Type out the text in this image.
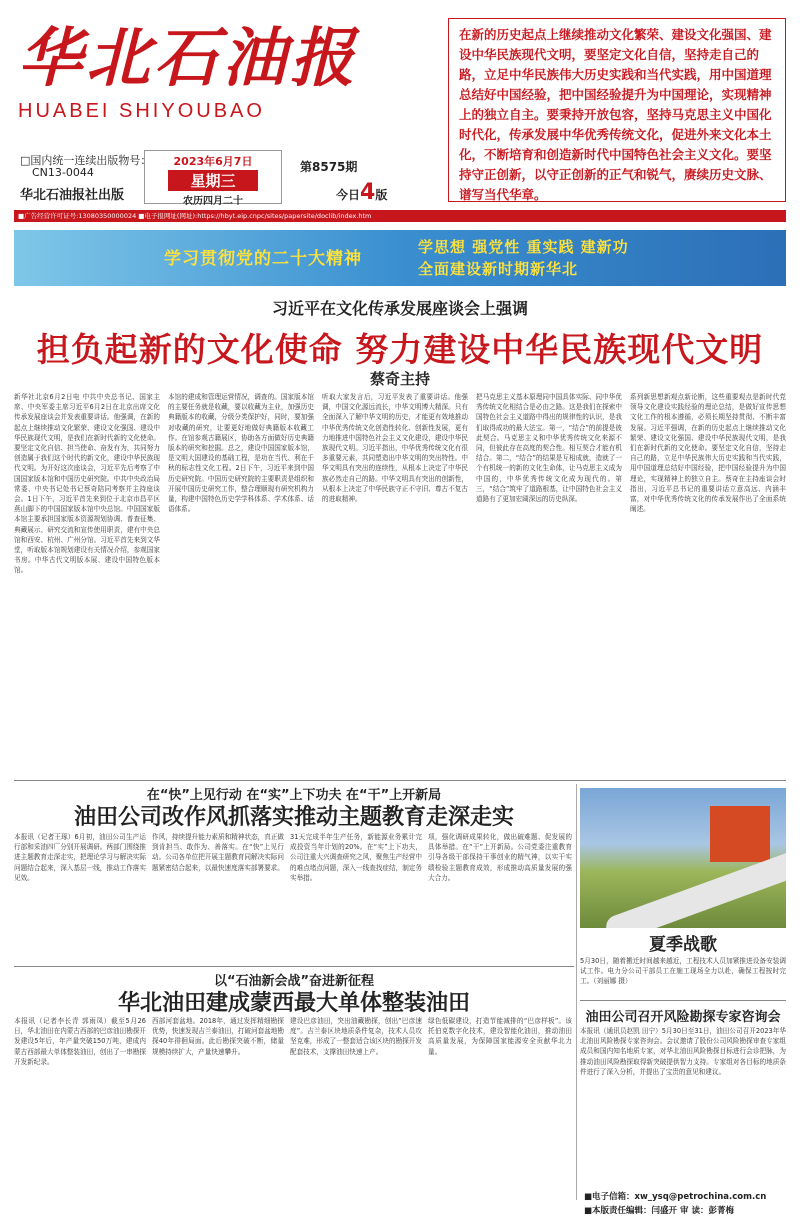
华北石油报
HUABEI SHIYOUBAO
□国内统一连续出版物号：
CN13-0044
华北石油报社出版
2023年6月7日
星期三
农历四月二十
第8575期
今日4版
在新的历史起点上继续推动文化繁荣、建设文化强国、建设中华民族现代文明，要坚定文化自信，坚持走自己的路，立足中华民族伟大历史实践和当代实践，用中国道理总结好中国经验，把中国经验提升为中国理论，实现精神上的独立自主。要秉持开放包容，坚持马克思主义中国化时代化，传承发展中华优秀传统文化，促进外来文化本土化，不断培育和创造新时代中国特色社会主义文化。要坚持守正创新，以守正创新的正气和锐气，赓续历史文脉、谱写当代华章。
■广告经营许可证号:13080350000024 ■电子报网址(网址):https://hbyt.eip.cnpc/sites/papersite/doclib/index.htm
学习贯彻党的二十大精神
学思想 强党性 重实践 建新功
全面建设新时期新华北
习近平在文化传承发展座谈会上强调
担负起新的文化使命 努力建设中华民族现代文明
蔡奇主持
新华社北京6月2日电 中共中央总书记、国家主席、中央军委主席习近平6月2日在北京出席文化传承发展座谈会并发表重要讲话。他强调，在新的起点上继续推动文化繁荣、建设文化强国、建设中华民族现代文明，是我们在新时代新的文化使命。要坚定文化自信、担当使命、奋发有为，共同努力创造属于我们这个时代的新文化，建设中华民族现代文明。为开好这次座谈会，习近平先后考察了中国国家版本馆和中国历史研究院。中共中央政治局常委、中央书记处书记蔡奇陪同考察并主持座谈会。1日下午，习近平首先来到位于北京市昌平区燕山脚下的中国国家版本馆中央总馆。中国国家版本馆主要承担国家版本资源规划协调、普查征集、典藏展示、研究交流和宣传使用职责，建有中央总馆和西安、杭州、广州分馆。习近平首先来到文华堂，听取版本馆规划建设有关情况介绍，参观国家书房。中华古代文明版本展、建设中国特色版本馆。
本馆的建成和管理运营情况，调查的。国家版本馆的主要任务就是收藏，要以收藏为主业，加强历史典籍版本的收藏，分级分类保护好，同时，要加强对收藏的研究，让要更好地做好典籍版本收藏工作。在馆参观古籍展区，协助各方面做好历史典籍版本的研究和挖掘。总之，建设中国国家版本馆，是文明大国建设的基础工程，是功在当代、利在千秋的标志性文化工程。2日下午，习近平来到中国历史研究院。中国历史研究院的主要职责是组织和开展中国历史研究工作，整合理顺现有研究机构力量，构建中国特色历史学学科体系、学术体系、话语体系。
听取大家发言后，习近平发表了重要讲话。他强调，中国文化源远流长，中华文明博大精深。只有全面深入了解中华文明的历史，才能更有效地推动中华优秀传统文化创造性转化、创新性发展，更有力地推进中国特色社会主义文化建设，建设中华民族现代文明。习近平指出，中华优秀传统文化有很多重要元素，共同塑造出中华文明的突出特性。中华文明具有突出的连续性，从根本上决定了中华民族必然走自己的路。中华文明具有突出的创新性，从根本上决定了中华民族守正不守旧、尊古不复古的进取精神。
把马克思主义基本原理同中国具体实际、同中华优秀传统文化相结合是必由之路。这是我们在探索中国特色社会主义道路中得出的规律性的认识，是我们取得成功的最大法宝。第一，“结合”的前提是彼此契合。马克思主义和中华优秀传统文化来源不同，但彼此存在高度的契合性。相互契合才能有机结合。第二，“结合”的结果是互相成就，造就了一个有机统一的新的文化生命体，让马克思主义成为中国的，中华优秀传统文化成为现代的。第三，“结合”筑牢了道路根基，让中国特色社会主义道路有了更加宏阔深远的历史纵深。
系列新思想新观点新论断，这些重要观点是新时代党领导文化建设实践经验的理论总结，是做好宣传思想文化工作的根本遵循，必须长期坚持贯彻、不断丰富发展。习近平强调，在新的历史起点上继续推动文化繁荣、建设文化强国、建设中华民族现代文明，是我们在新时代新的文化使命。要坚定文化自信，坚持走自己的路，立足中华民族伟大历史实践和当代实践，用中国道理总结好中国经验，把中国经验提升为中国理论，实现精神上的独立自主。蔡奇在主持座谈会时指出，习近平总书记的重要讲话立意高远、内涵丰富，对中华优秀传统文化的传承发展作出了全面系统阐述。
在“快”上见行动 在“实”上下功夫 在“干”上开新局
油田公司改作风抓落实推动主题教育走深走实
本报讯（记者王琢）6月初，油田公司生产运行部和采油四厂分别开展调研。两部门围绕推进主题教育走深走实，把理论学习与解决实际问题结合起来，深入基层一线，推动工作落实见效。
作风，持续提升能力素质和精神状态，真正做到肯担当、敢作为、善落实。在“快”上见行动。公司各单位把开展主题教育同解决实际问题紧密结合起来，以最快速度落实部署要求。
31天完成半年生产任务，新能源业务累计完成投资当年计划的20%。在“实”上下功夫，公司注重大兴调查研究之风，聚焦生产经营中的难点堵点问题，深入一线查找症结，制定务实举措。
项，强化调研成果转化，做出破难题、促发展的具体举措。在“干”上开新局。公司党委注重教育引导各级干部保持干事创业的精气神，以实干实绩检验主题教育成效，形成推动高质量发展的强大合力。
夏季战歌
5月30日，随着搬迁时间越来越近，工程技术人员加紧推进设备安装调试工作。电力分公司干部员工在施工现场全力以赴，确保工程按时完工。（刘丽娜 摄）
以“石油新会战”奋进新征程
华北油田建成蒙西最大单体整装油田
本报讯（记者李长青 郭雨凤）截至5月26日，华北油田在内蒙古西部的巴彦油田勘探开发建设5年后，年产量突破150万吨，建成内蒙古西部最大单体整装油田，创出了一串勘探开发新纪录。
西部河套盆地。2018年，通过发挥精细勘探优势，快速发现吉兰泰油田，打破河套盆地勘探40年徘徊局面。此后勘探突破不断，储量规模持续扩大，产量快速攀升。
建设巴彦油田，突出油藏勘探，创出“巴彦速度”。吉兰泰区块地质条件复杂，技术人员攻坚克难，形成了一整套适合该区块的勘探开发配套技术，支撑油田快速上产。
绿色低碳建设，打造节能减排的“巴彦样板”。该托伯克数字化技术，建设智能化油田，推动油田高质量发展，为保障国家能源安全贡献华北力量。
油田公司召开风险勘探专家咨询会
本报讯（通讯员赵凯 田宁）5月30日至31日，油田公司召开2023年华北油田风险勘探专家咨询会。会议邀请了股份公司风险勘探审查专家组成员和国内知名地质专家，对华北油田风险勘探目标进行会诊把脉，为推动油田风险勘探取得新突破提供智力支持。专家组对各目标的地质条件进行了深入分析，并提出了宝贵的意见和建议。
■电子信箱：xw_ysq@petrochina.com.cn
■本版责任编辑：闫盛开 审 读：彭菁梅
